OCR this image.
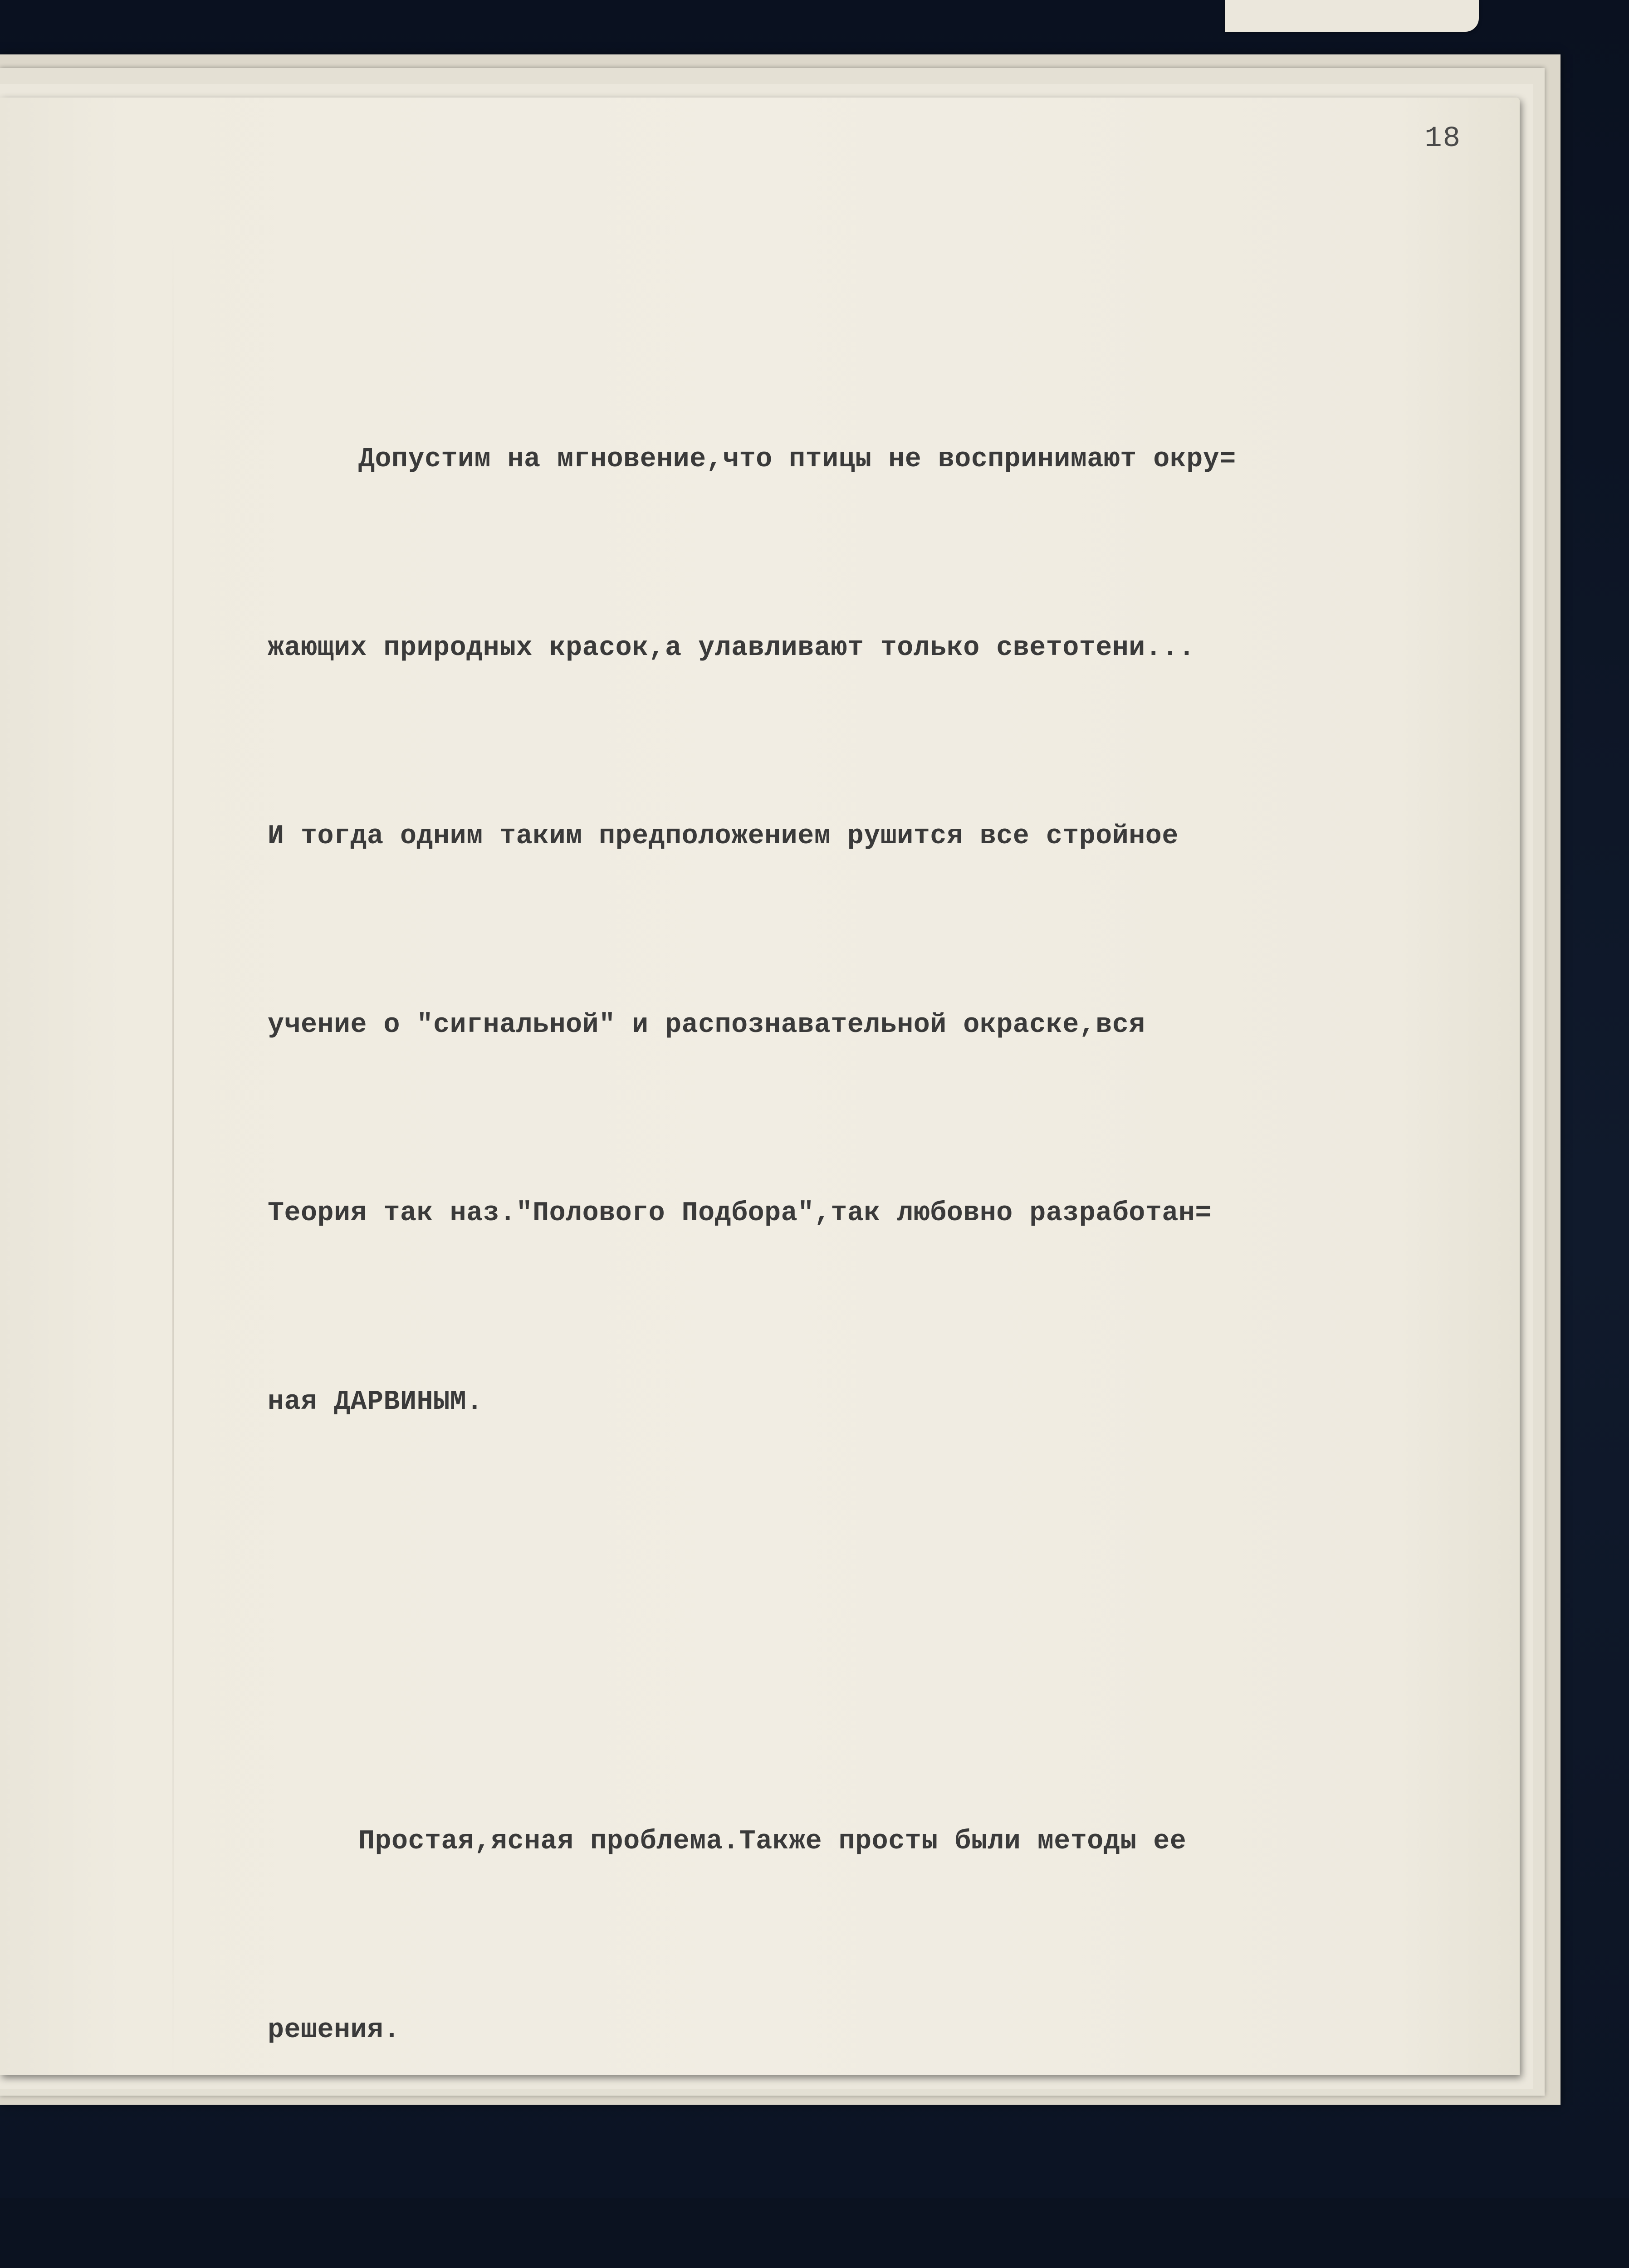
18

Допустим на мгновение,что птицы не воспринимают окру=

жающих природных красок,а улавливают только светотени...

И тогда одним таким предположением рушится все стройное

учение о "сигнальной" и распознавательной окраске,вся

Теория так наз."Полового Подбора",так любовно разработан=

ная ДАРВИНЫМ.

Простая,ясная проблема.Также просты были методы ее

решения.
